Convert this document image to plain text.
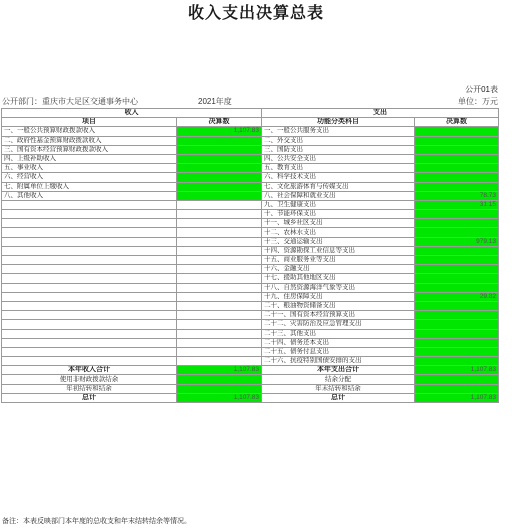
收入支出决算总表
公开01表
公开部门：重庆市大足区交通事务中心	2021年度	单位：万元
收入		支出	
项目	决算数	功能分类科目	决算数
一、一般公共预算财政拨款收入	1,107.83	一、一般公共服务支出	
二、政府性基金预算财政拨款收入		二、外交支出	
三、国有资本经营预算财政拨款收入		三、国防支出	
四、上级补助收入		四、公共安全支出	
五、事业收入		五、教育支出	
六、经营收入		六、科学技术支出	
七、附属单位上缴收入		七、文化旅游体育与传媒支出	
八、其他收入		八、社会保障和就业支出	78.73
		九、卫生健康支出	31.15
		十、节能环保支出	
		十一、城乡社区支出	
		十二、农林水支出	
		十三、交通运输支出	979.13
		十四、资源勘探工业信息等支出	
		十五、商业服务业等支出	
		十六、金融支出	
		十七、援助其他地区支出	
		十八、自然资源海洋气象等支出	
		十九、住房保障支出	29.82
		二十、粮油物资储备支出	
		二十一、国有资本经营预算支出	
		二十二、灾害防治及应急管理支出	
		二十三、其他支出	
		二十四、债务还本支出	
		二十五、债务付息支出	
		二十六、抗疫特别国债安排的支出	
本年收入合计	1,107.83	本年支出合计	1,107.83
使用非财政拨款结余		结余分配	
年初结转和结余		年末结转和结余	
总计	1,107.83	总计	1,107.83
备注：本表反映部门本年度的总收支和年末结转结余等情况。
